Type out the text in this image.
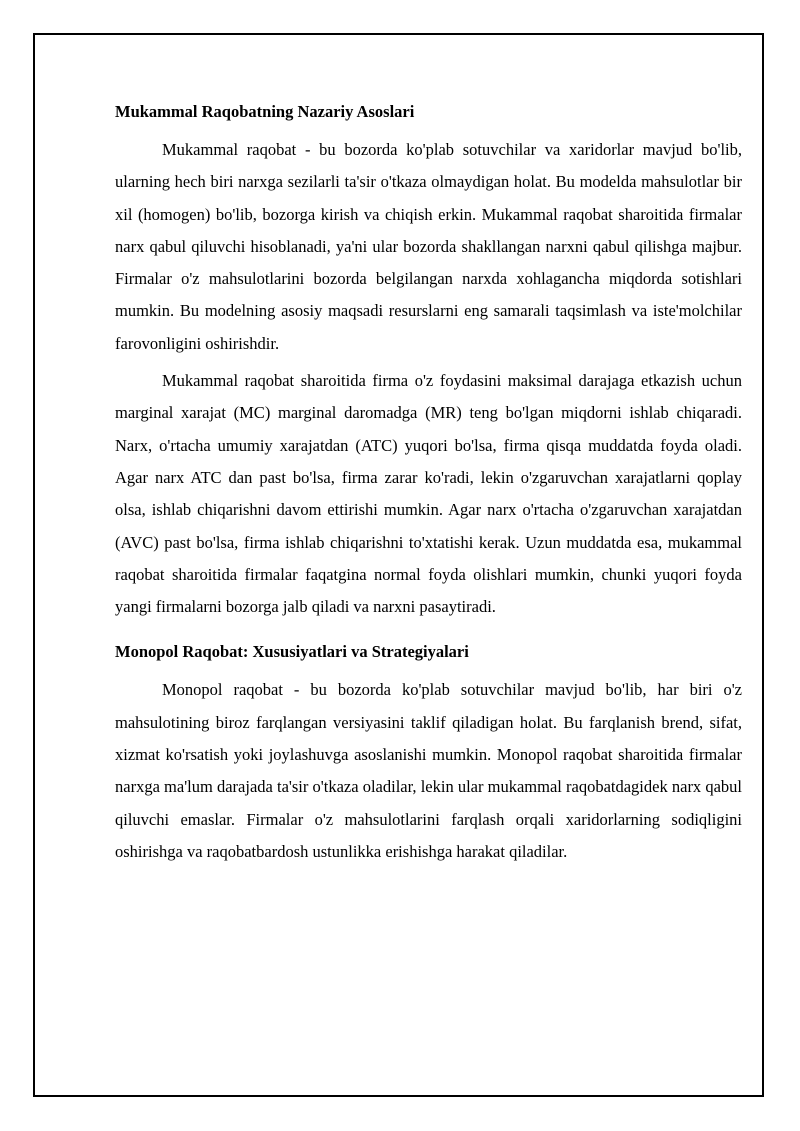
Mukammal Raqobatning Nazariy Asoslari

Mukammal raqobat - bu bozorda ko'plab sotuvchilar va xaridorlar mavjud bo'lib, ularning hech biri narxga sezilarli ta'sir o'tkaza olmaydigan holat. Bu modelda mahsulotlar bir xil (homogen) bo'lib, bozorga kirish va chiqish erkin. Mukammal raqobat sharoitida firmalar narx qabul qiluvchi hisoblanadi, ya'ni ular bozorda shakllangan narxni qabul qilishga majbur. Firmalar o'z mahsulotlarini bozorda belgilangan narxda xohlagancha miqdorda sotishlari mumkin. Bu modelning asosiy maqsadi resurslarni eng samarali taqsimlash va iste'molchilar farovonligini oshirishdir.

Mukammal raqobat sharoitida firma o'z foydasini maksimal darajaga etkazish uchun marginal xarajat (MC) marginal daromadga (MR) teng bo'lgan miqdorni ishlab chiqaradi. Narx, o'rtacha umumiy xarajatdan (ATC) yuqori bo'lsa, firma qisqa muddatda foyda oladi. Agar narx ATC dan past bo'lsa, firma zarar ko'radi, lekin o'zgaruvchan xarajatlarni qoplay olsa, ishlab chiqarishni davom ettirishi mumkin. Agar narx o'rtacha o'zgaruvchan xarajatdan (AVC) past bo'lsa, firma ishlab chiqarishni to'xtatishi kerak. Uzun muddatda esa, mukammal raqobat sharoitida firmalar faqatgina normal foyda olishlari mumkin, chunki yuqori foyda yangi firmalarni bozorga jalb qiladi va narxni pasaytiradi.

Monopol Raqobat: Xususiyatlari va Strategiyalari

Monopol raqobat - bu bozorda ko'plab sotuvchilar mavjud bo'lib, har biri o'z mahsulotining biroz farqlangan versiyasini taklif qiladigan holat. Bu farqlanish brend, sifat, xizmat ko'rsatish yoki joylashuvga asoslanishi mumkin. Monopol raqobat sharoitida firmalar narxga ma'lum darajada ta'sir o'tkaza oladilar, lekin ular mukammal raqobatdagidek narx qabul qiluvchi emaslar. Firmalar o'z mahsulotlarini farqlash orqali xaridorlarning sodiqligini oshirishga va raqobatbardosh ustunlikka erishishga harakat qiladilar.
